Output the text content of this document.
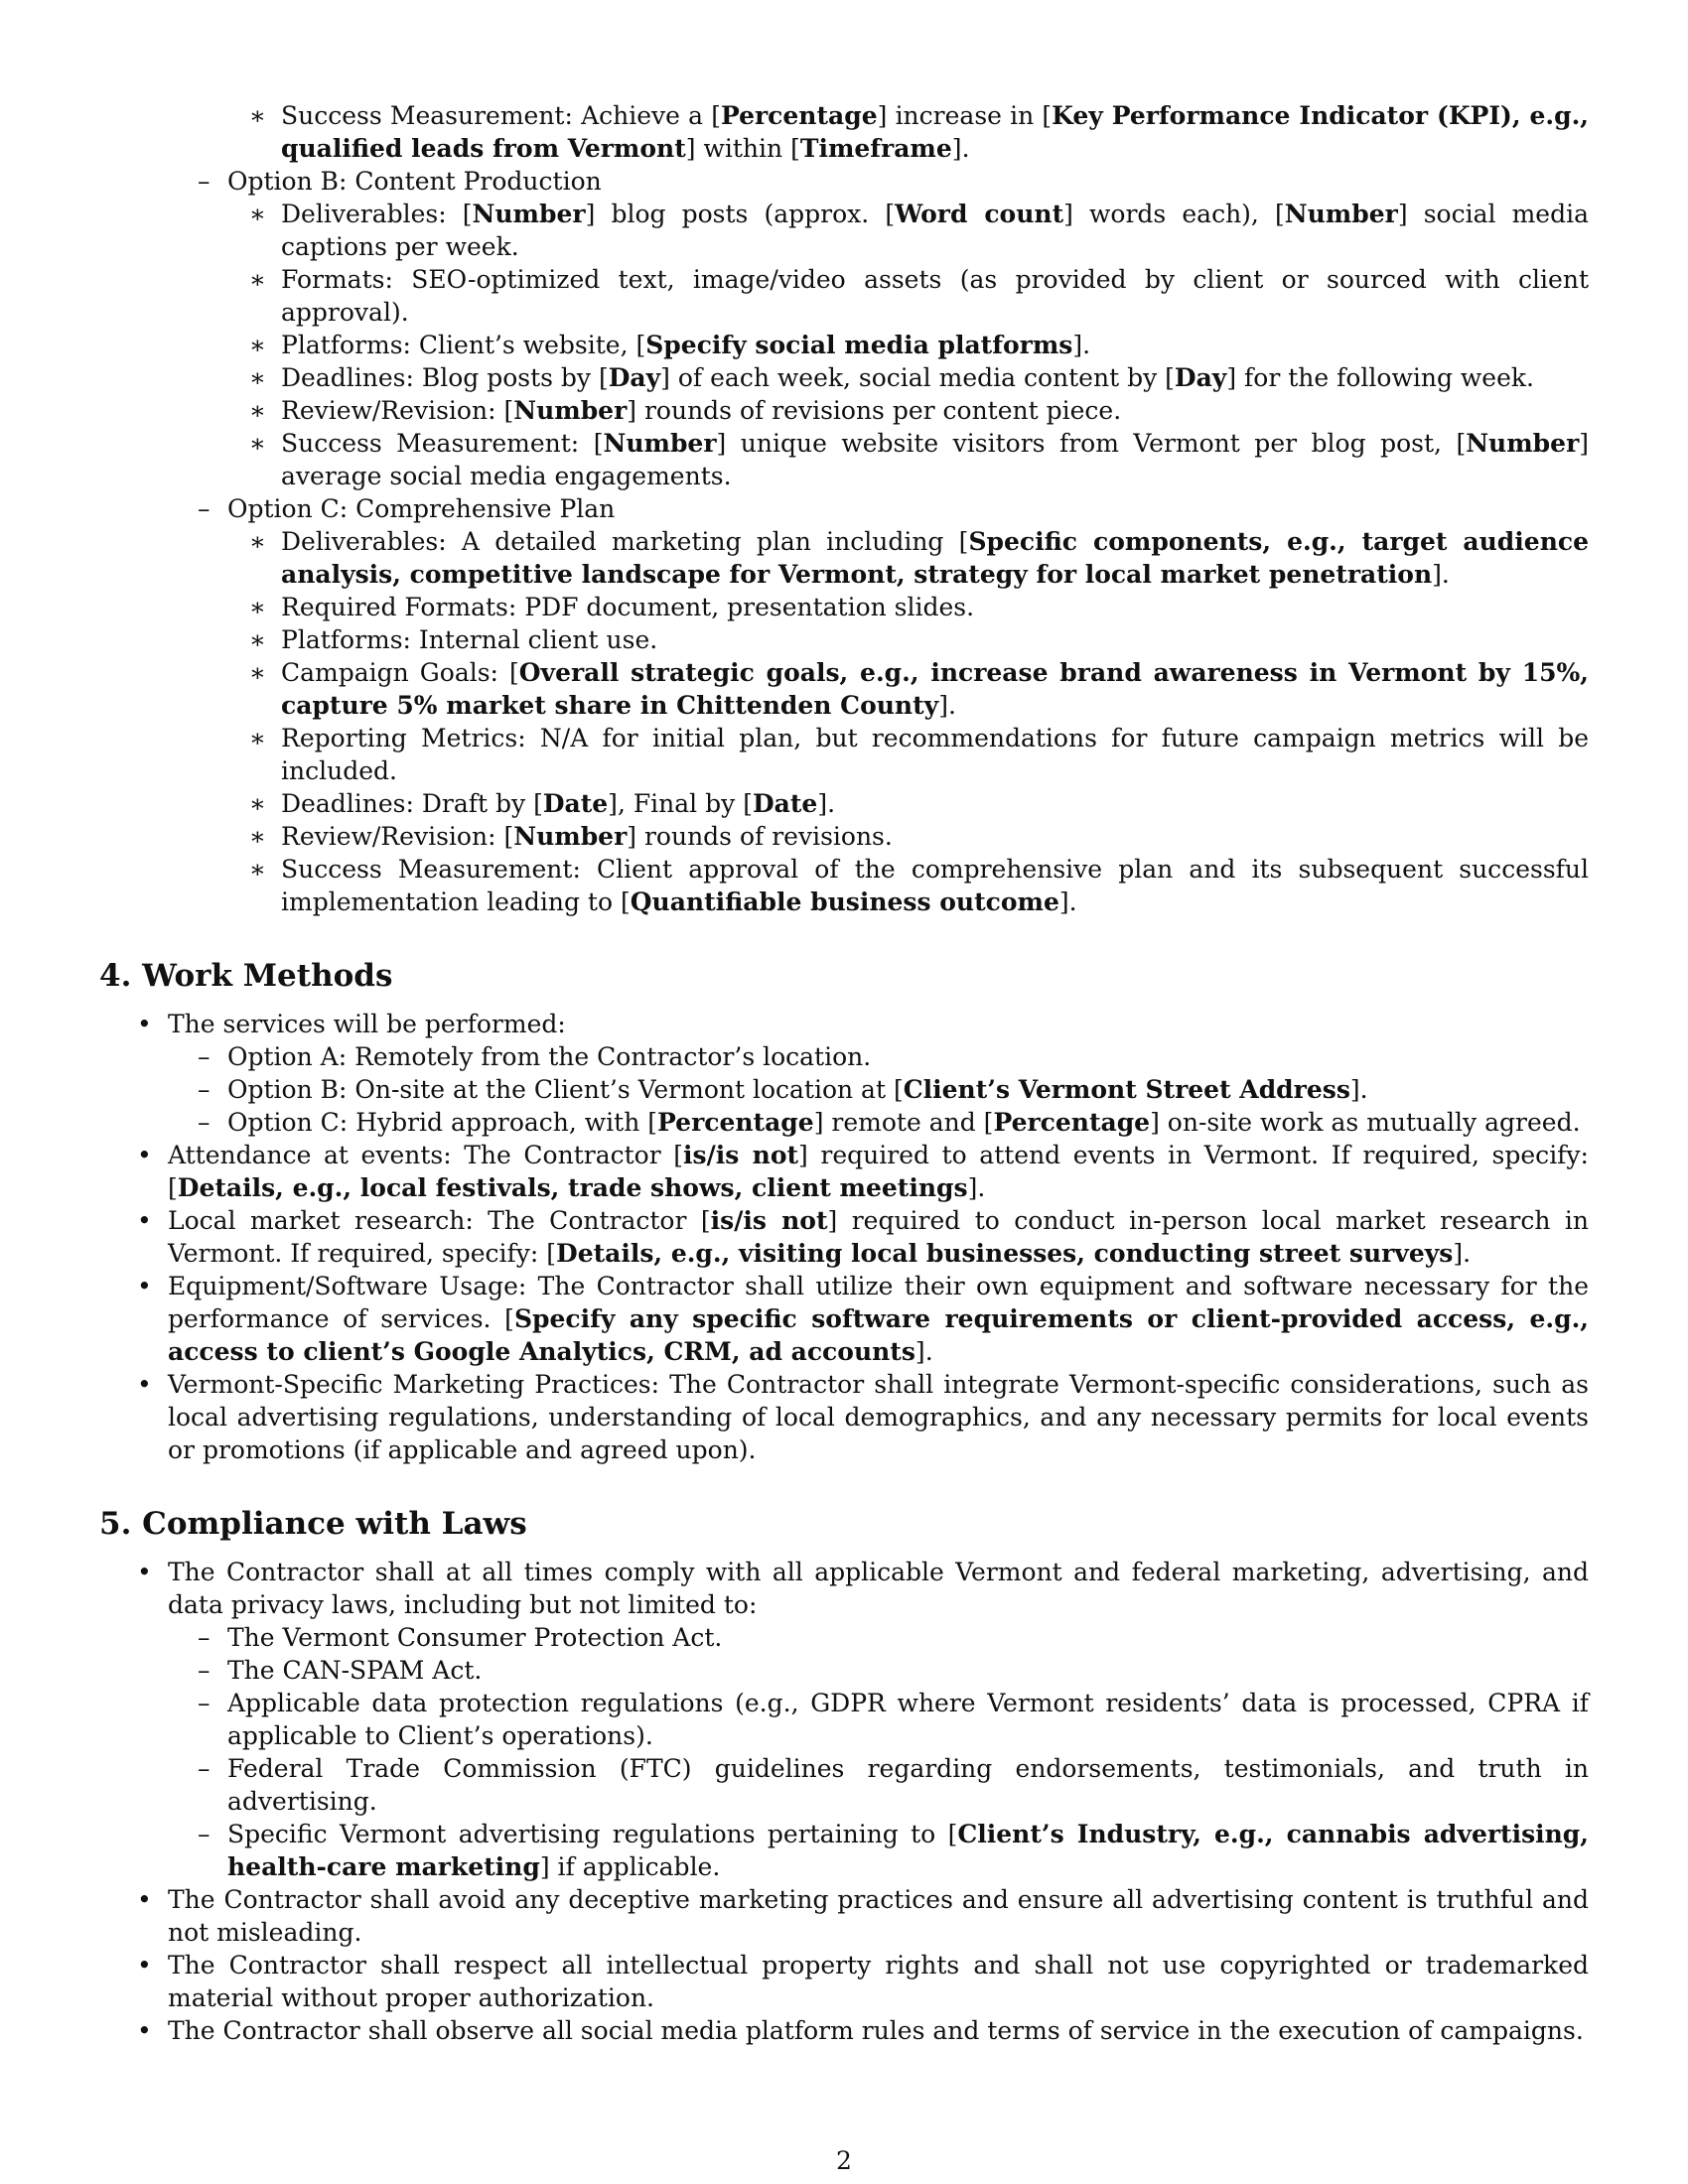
∗ Success Measurement: Achieve a [Percentage] increase in [Key Performance Indicator (KPI), e.g., qualified leads from Vermont] within [Timeframe].
– Option B: Content Production
∗ Deliverables: [Number] blog posts (approx. [Word count] words each), [Number] social media captions per week.
∗ Formats: SEO-optimized text, image/video assets (as provided by client or sourced with client approval).
∗ Platforms: Client’s website, [Specify social media platforms].
∗ Deadlines: Blog posts by [Day] of each week, social media content by [Day] for the following week.
∗ Review/Revision: [Number] rounds of revisions per content piece.
∗ Success Measurement: [Number] unique website visitors from Vermont per blog post, [Number] average social media engagements.
– Option C: Comprehensive Plan
∗ Deliverables: A detailed marketing plan including [Specific components, e.g., target audience analysis, competitive landscape for Vermont, strategy for local market penetration].
∗ Required Formats: PDF document, presentation slides.
∗ Platforms: Internal client use.
∗ Campaign Goals: [Overall strategic goals, e.g., increase brand awareness in Vermont by 15%, capture 5% market share in Chittenden County].
∗ Reporting Metrics: N/A for initial plan, but recommendations for future campaign metrics will be included.
∗ Deadlines: Draft by [Date], Final by [Date].
∗ Review/Revision: [Number] rounds of revisions.
∗ Success Measurement: Client approval of the comprehensive plan and its subsequent successful implementation leading to [Quantifiable business outcome].
4. Work Methods
• The services will be performed:
– Option A: Remotely from the Contractor’s location.
– Option B: On-site at the Client’s Vermont location at [Client’s Vermont Street Address].
– Option C: Hybrid approach, with [Percentage] remote and [Percentage] on-site work as mutually agreed.
• Attendance at events: The Contractor [is/is not] required to attend events in Vermont. If required, specify: [Details, e.g., local festivals, trade shows, client meetings].
• Local market research: The Contractor [is/is not] required to conduct in-person local market research in Vermont. If required, specify: [Details, e.g., visiting local businesses, conducting street surveys].
• Equipment/Software Usage: The Contractor shall utilize their own equipment and software necessary for the performance of services. [Specify any specific software requirements or client-provided access, e.g., access to client’s Google Analytics, CRM, ad accounts].
• Vermont-Specific Marketing Practices: The Contractor shall integrate Vermont-specific considerations, such as local advertising regulations, understanding of local demographics, and any necessary permits for local events or promotions (if applicable and agreed upon).
5. Compliance with Laws
• The Contractor shall at all times comply with all applicable Vermont and federal marketing, advertising, and data privacy laws, including but not limited to:
– The Vermont Consumer Protection Act.
– The CAN-SPAM Act.
– Applicable data protection regulations (e.g., GDPR where Vermont residents’ data is processed, CPRA if applicable to Client’s operations).
– Federal Trade Commission (FTC) guidelines regarding endorsements, testimonials, and truth in advertising.
– Specific Vermont advertising regulations pertaining to [Client’s Industry, e.g., cannabis advertising, health-care marketing] if applicable.
• The Contractor shall avoid any deceptive marketing practices and ensure all advertising content is truthful and not misleading.
• The Contractor shall respect all intellectual property rights and shall not use copyrighted or trademarked material without proper authorization.
• The Contractor shall observe all social media platform rules and terms of service in the execution of campaigns.
2
